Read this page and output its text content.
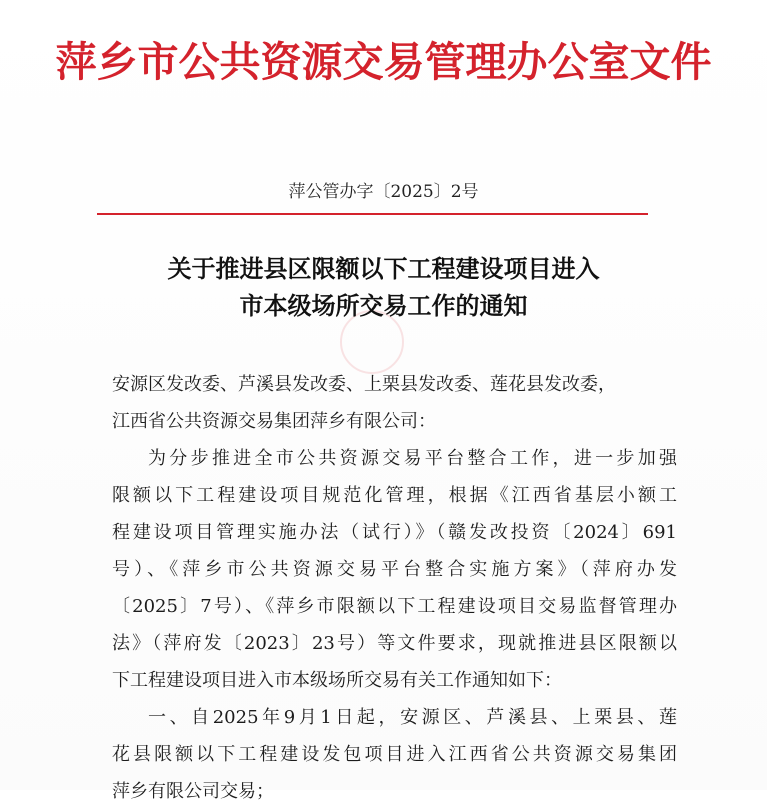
萍乡市公共资源交易管理办公室文件
萍公管办字〔2025〕2号
关于推进县区限额以下工程建设项目进入
市本级场所交易工作的通知
安源区发改委、芦溪县发改委、上栗县发改委、莲花县发改委，
江西省公共资源交易集团萍乡有限公司：
为分步推进全市公共资源交易平台整合工作，进一步加强
限额以下工程建设项目规范化管理，根据《江西省基层小额工
程建设项目管理实施办法（试行）》（赣发改投资〔2024〕691
号）、《萍乡市公共资源交易平台整合实施方案》（萍府办发
〔2025〕7号）、《萍乡市限额以下工程建设项目交易监督管理办
法》（萍府发〔2023〕23号）等文件要求，现就推进县区限额以
下工程建设项目进入市本级场所交易有关工作通知如下：
一、自2025年9月1日起，安源区、芦溪县、上栗县、莲
花县限额以下工程建设发包项目进入江西省公共资源交易集团
萍乡有限公司交易；
